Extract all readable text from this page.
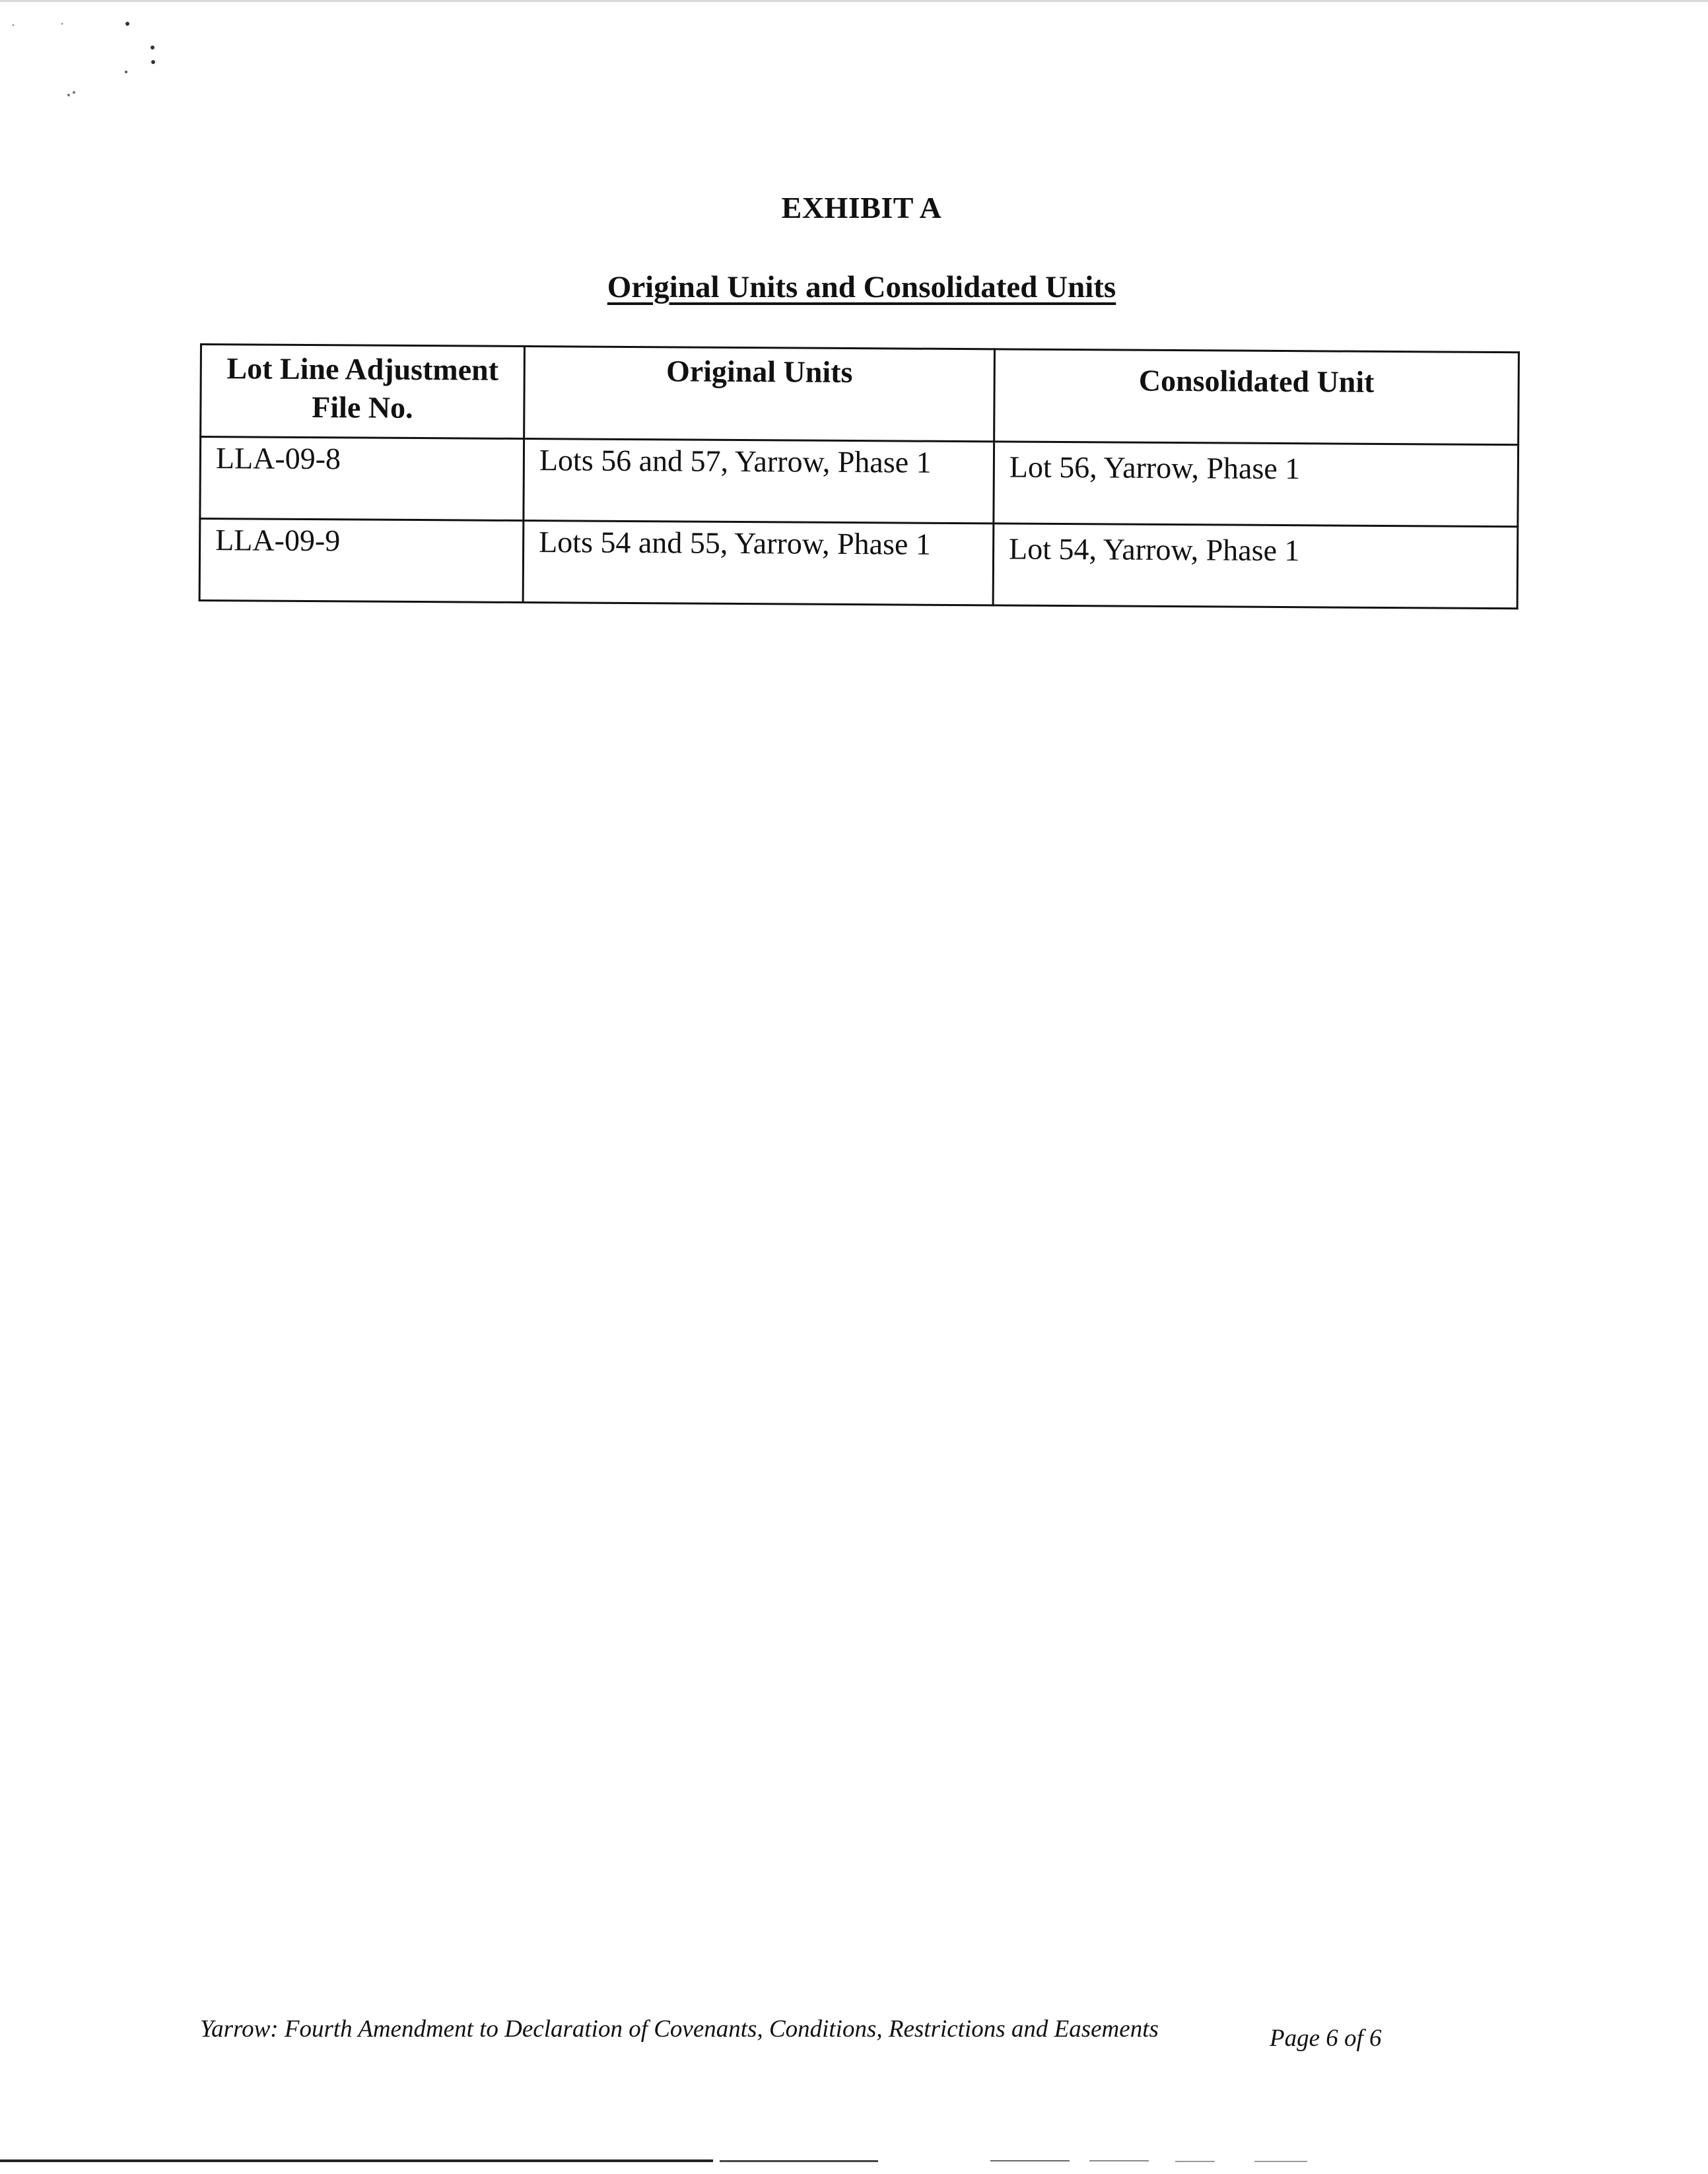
EXHIBIT A
Original Units and Consolidated Units
Lot Line Adjustment File No.	Original Units	Consolidated Unit
LLA-09-8	Lots 56 and 57, Yarrow, Phase 1	Lot 56, Yarrow, Phase 1
LLA-09-9	Lots 54 and 55, Yarrow, Phase 1	Lot 54, Yarrow, Phase 1
Yarrow: Fourth Amendment to Declaration of Covenants, Conditions, Restrictions and Easements	Page 6 of 6
